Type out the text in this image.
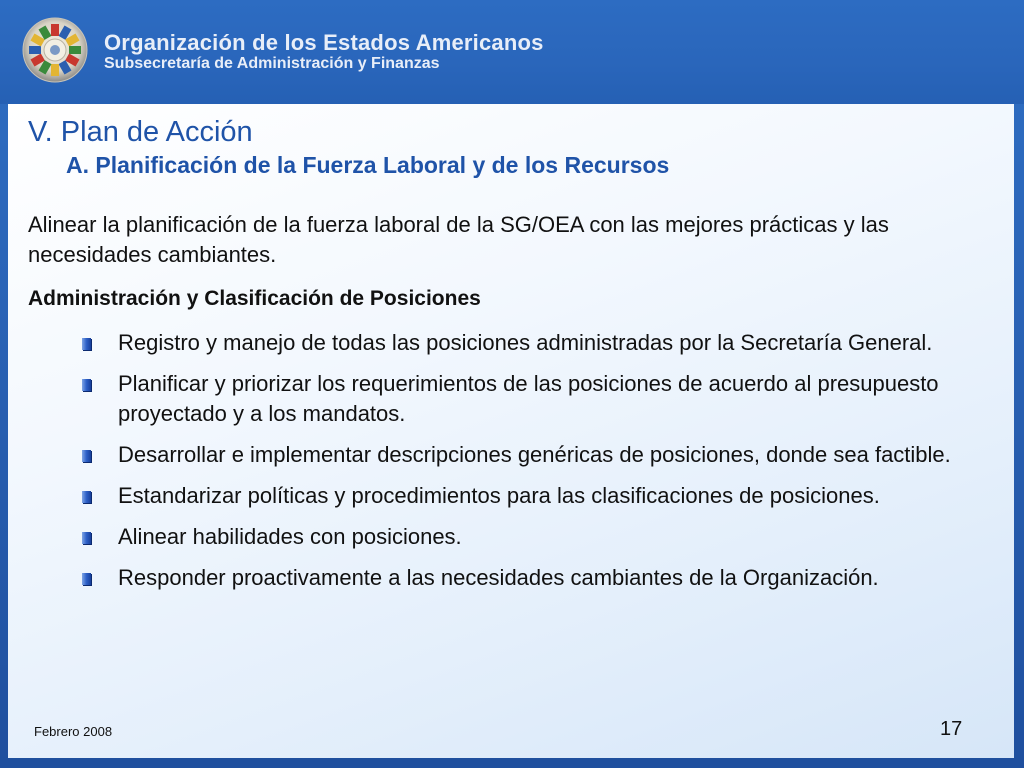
Organización de los Estados Americanos
Subsecretaría de Administración y Finanzas
V. Plan de Acción
A. Planificación de la Fuerza Laboral y de los Recursos
Alinear la planificación de la fuerza laboral de la SG/OEA con las mejores prácticas y las necesidades cambiantes.
Administración y Clasificación de Posiciones
Registro y manejo de todas las posiciones administradas por la Secretaría General.
Planificar y priorizar los requerimientos de las posiciones de acuerdo al presupuesto proyectado y a los mandatos.
Desarrollar e implementar descripciones genéricas de posiciones, donde sea factible.
Estandarizar políticas y procedimientos para las clasificaciones de posiciones.
Alinear habilidades con posiciones.
Responder proactivamente a las necesidades cambiantes de la Organización.
Febrero 2008	17
